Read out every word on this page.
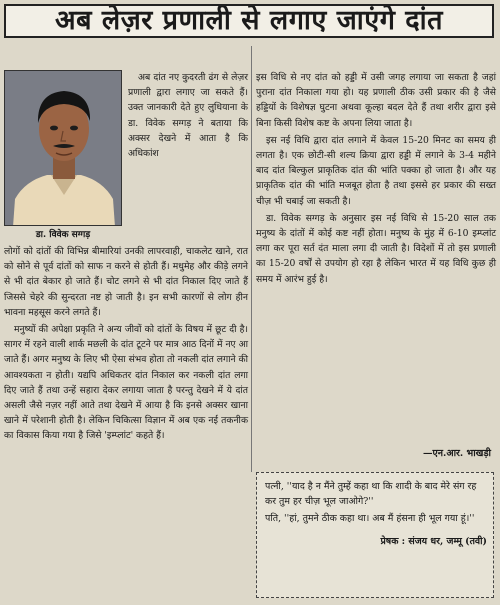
अब लेज़र प्रणाली से लगाए जाएंगे दांत
डा. विवेक सग्गड़

अब दांत नए कुदरती ढंग से लेज़र प्रणाली द्वारा लगाए जा सकते हैं। उक्त जानकारी देते हुए लुधियाना के डा. विवेक सग्गड़ ने बताया कि अक्सर देखने में आता है कि अधिकांश

लोगों को दांतों की विभिन्न बीमारियां उनकी लापरवाही, चाकलेट खाने, रात को सोने से पूर्व दांतों को साफ न करने से होती हैं। मधुमेह और कीड़े लगने से भी दांत बेकार हो जाते हैं। चोट लगने से भी दांत निकाल दिए जाते हैं जिससे चेहरे की सुन्दरता नष्ट हो जाती है। इन सभी कारणों से लोग हीन भावना महसूस करने लगते हैं।

मनुष्यों की अपेक्षा प्रकृति ने अन्य जीवों को दांतों के विषय में छूट दी है। सागर में रहने वाली शार्क मछली के दांत टूटने पर मात्र आठ दिनों में नए आ जाते हैं। अगर मनुष्य के लिए भी ऐसा संभव होता तो नकली दांत लगाने की आवश्यकता न होती। यद्यपि अधिकतर दांत निकाल कर नकली दांत लगा दिए जाते हैं तथा उन्हें सहारा देकर लगाया जाता है परन्तु देखने में ये दांत असली जैसे नज़र नहीं आते तथा देखने में आया है कि इनसे अक्सर खाना खाने में परेशानी होती है। लेकिन चिकित्सा विज्ञान में अब एक नई तकनीक का विकास किया गया है जिसे 'इम्प्लांट' कहते हैं।

इस विधि से नए दांत को हड्डी में उसी जगह लगाया जा सकता है जहां पुराना दांत निकाला गया हो। यह प्रणाली ठीक उसी प्रकार की है जैसे हड्डियों के विशेषज्ञ घुटना अथवा कूल्हा बदल देते हैं तथा शरीर द्वारा इसे बिना किसी विशेष कष्ट के अपना लिया जाता है।

इस नई विधि द्वारा दांत लगाने में केवल 15-20 मिनट का समय ही लगता है। एक छोटी-सी शल्य क्रिया द्वारा हड्डी में लगाने के 3-4 महीने बाद दांत बिल्कुल प्राकृतिक दांत की भांति पक्का हो जाता है। और यह प्राकृतिक दांत की भांति मजबूत होता है तथा इससे हर प्रकार की सख्त चीज़ भी चबाई जा सकती है।

डा. विवेक सग्गड़ के अनुसार इस नई विधि से 15-20 साल तक मनुष्य के दांतों में कोई कष्ट नहीं होता। मनुष्य के मुंह में 6-10 इम्प्लांट लगा कर पूरा सर्त दंत माला लगा दी जाती है। विदेशों में तो इस प्रणाली का 15-20 वर्षों से उपयोग हो रहा है लेकिन भारत में यह विधि कुछ ही समय में आरंभ हुई है।

—एन.आर. भाखड़ी

पत्नी, ''याद है न मैंने तुम्हें कहा था कि शादी के बाद मेरे संग रह कर तुम हर चीज़ भूल जाओगे?''

पति, ''हां, तुमने ठीक कहा था। अब मैं हंसना ही भूल गया हूं।''

प्रेषक : संजय धर, जम्मू (तवी)
